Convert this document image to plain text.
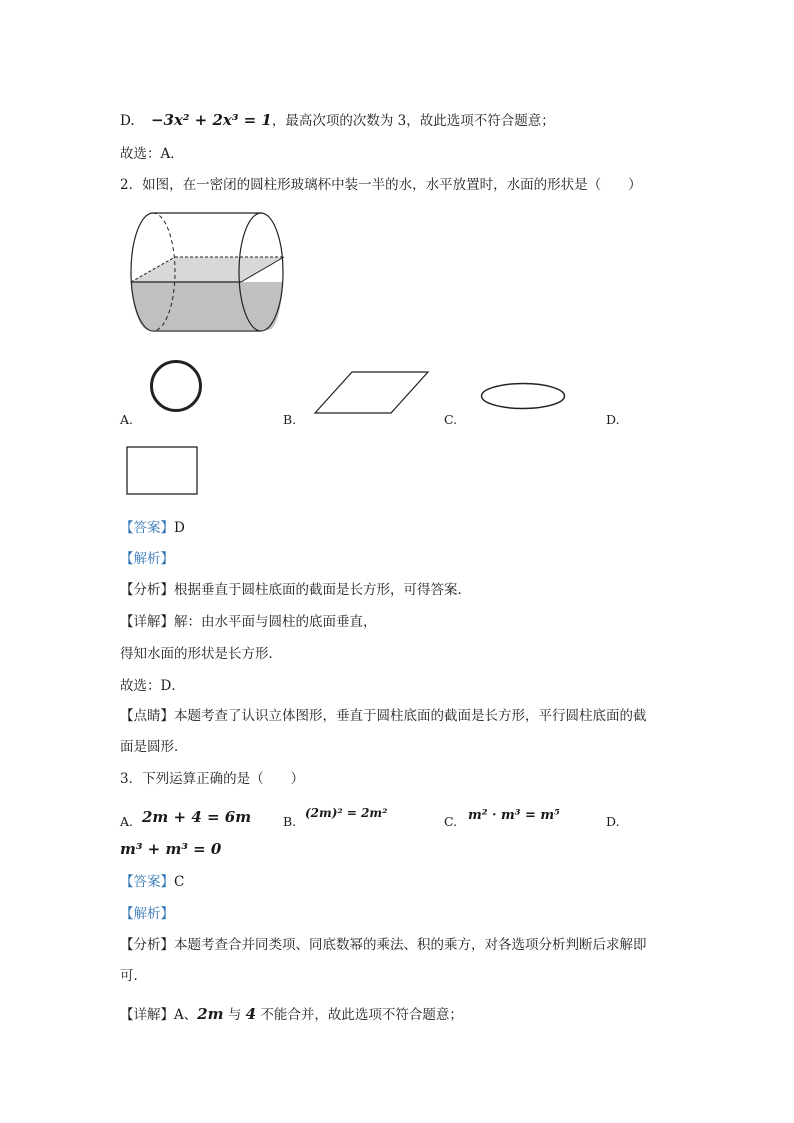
D. −3x² + 2x³ = 1，最高次项的次数为 3，故此选项不符合题意；
故选：A．
2．如图，在一密闭的圆柱形玻璃杯中装一半的水，水平放置时，水面的形状是（　　）
A.	B.	C.	D.
【答案】D
【解析】
【分析】根据垂直于圆柱底面的截面是长方形，可得答案．
【详解】解：由水平面与圆柱的底面垂直，
得知水面的形状是长方形．
故选：D．
【点睛】本题考查了认识立体图形，垂直于圆柱底面的截面是长方形，平行圆柱底面的截
面是圆形．
3．下列运算正确的是（　　）
A. 2m + 4 = 6m	B.
(2m)² = 2m²
C. m² · m³ = m⁵	D.
m³ + m³ = 0
【答案】C
【解析】
【分析】本题考查合并同类项、同底数幂的乘法、积的乘方，对各选项分析判断后求解即
可．
【详解】A、2m 与 4 不能合并，故此选项不符合题意；
